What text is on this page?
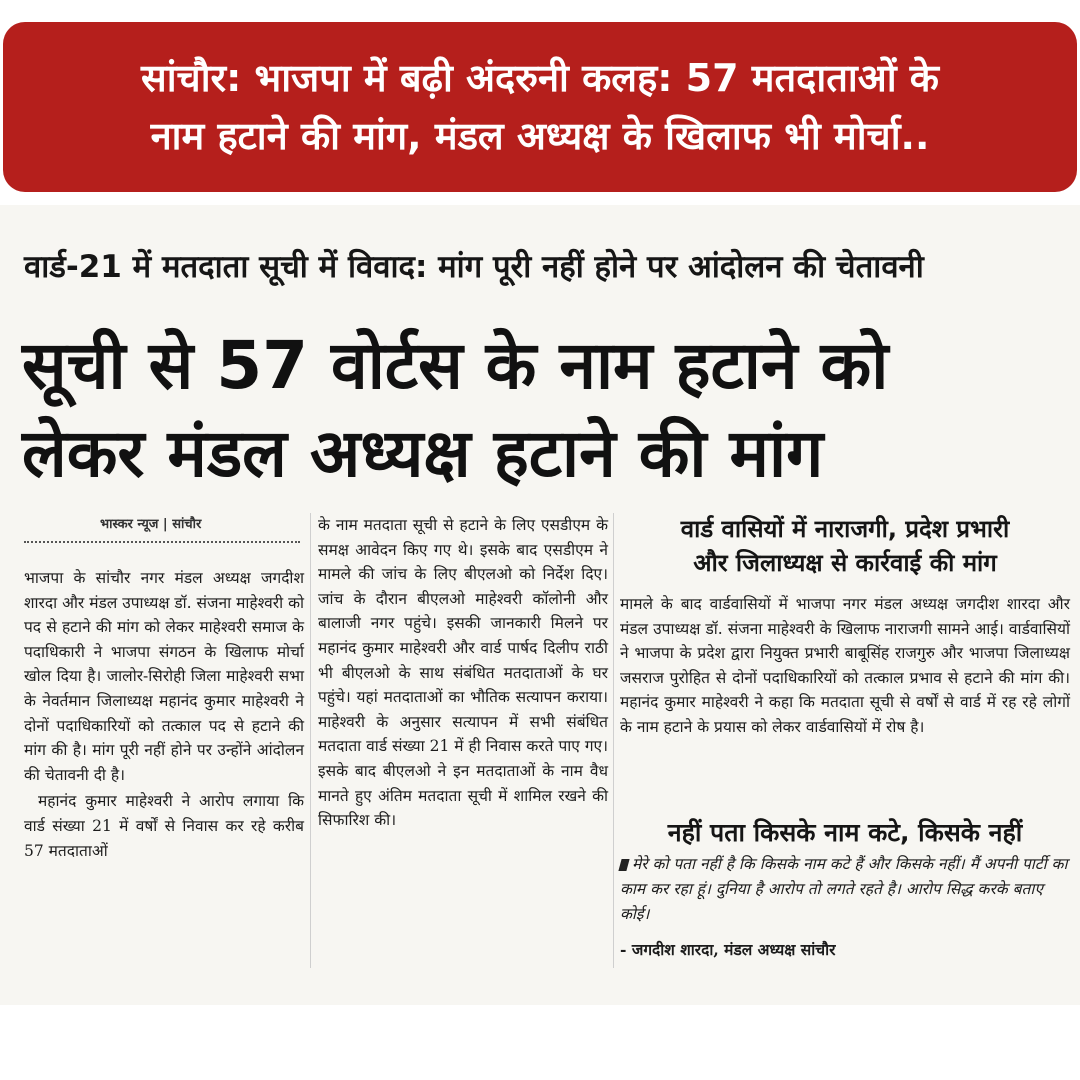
सांचौर: भाजपा में बढ़ी अंदरुनी कलह: 57 मतदाताओं के
नाम हटाने की मांग, मंडल अध्यक्ष के खिलाफ भी मोर्चा..
वार्ड-21 में मतदाता सूची में विवाद: मांग पूरी नहीं होने पर आंदोलन की चेतावनी
सूची से 57 वोर्टस के नाम हटाने को
लेकर मंडल अध्यक्ष हटाने की मांग
भास्कर न्यूज | सांचौर

भाजपा के सांचौर नगर मंडल अध्यक्ष जगदीश शारदा और मंडल उपाध्यक्ष डॉ. संजना माहेश्वरी को पद से हटाने की मांग को लेकर माहेश्वरी समाज के पदाधिकारी ने भाजपा संगठन के खिलाफ मोर्चा खोल दिया है। जालोर-सिरोही जिला माहेश्वरी सभा के नेवर्तमान जिलाध्यक्ष महानंद कुमार माहेश्वरी ने दोनों पदाधिकारियों को तत्काल पद से हटाने की मांग की है। मांग पूरी नहीं होने पर उन्होंने आंदोलन की चेतावनी दी है।

महानंद कुमार माहेश्वरी ने आरोप लगाया कि वार्ड संख्या 21 में वर्षों से निवास कर रहे करीब 57 मतदाताओं

के नाम मतदाता सूची से हटाने के लिए एसडीएम के समक्ष आवेदन किए गए थे। इसके बाद एसडीएम ने मामले की जांच के लिए बीएलओ को निर्देश दिए। जांच के दौरान बीएलओ माहेश्वरी कॉलोनी और बालाजी नगर पहुंचे। इसकी जानकारी मिलने पर महानंद कुमार माहेश्वरी और वार्ड पार्षद दिलीप राठी भी बीएलओ के साथ संबंधित मतदाताओं के घर पहुंचे। यहां मतदाताओं का भौतिक सत्यापन कराया। माहेश्वरी के अनुसार सत्यापन में सभी संबंधित मतदाता वार्ड संख्या 21 में ही निवास करते पाए गए। इसके बाद बीएलओ ने इन मतदाताओं के नाम वैध मानते हुए अंतिम मतदाता सूची में शामिल रखने की सिफारिश की।

वार्ड वासियों में नाराजगी, प्रदेश प्रभारी
और जिलाध्यक्ष से कार्रवाई की मांग

मामले के बाद वार्डवासियों में भाजपा नगर मंडल अध्यक्ष जगदीश शारदा और मंडल उपाध्यक्ष डॉ. संजना माहेश्वरी के खिलाफ नाराजगी सामने आई। वार्डवासियों ने भाजपा के प्रदेश द्वारा नियुक्त प्रभारी बाबूसिंह राजगुरु और भाजपा जिलाध्यक्ष जसराज पुरोहित से दोनों पदाधिकारियों को तत्काल प्रभाव से हटाने की मांग की। महानंद कुमार माहेश्वरी ने कहा कि मतदाता सूची से वर्षों से वार्ड में रह रहे लोगों के नाम हटाने के प्रयास को लेकर वार्डवासियों में रोष है।

नहीं पता किसके नाम कटे, किसके नहीं
मेरे को पता नहीं है कि किसके नाम कटे हैं और किसके नहीं। मैं अपनी पार्टी का काम कर रहा हूं। दुनिया है आरोप तो लगते रहते है। आरोप सिद्ध करके बताए कोई।
- जगदीश शारदा, मंडल अध्यक्ष सांचौर
